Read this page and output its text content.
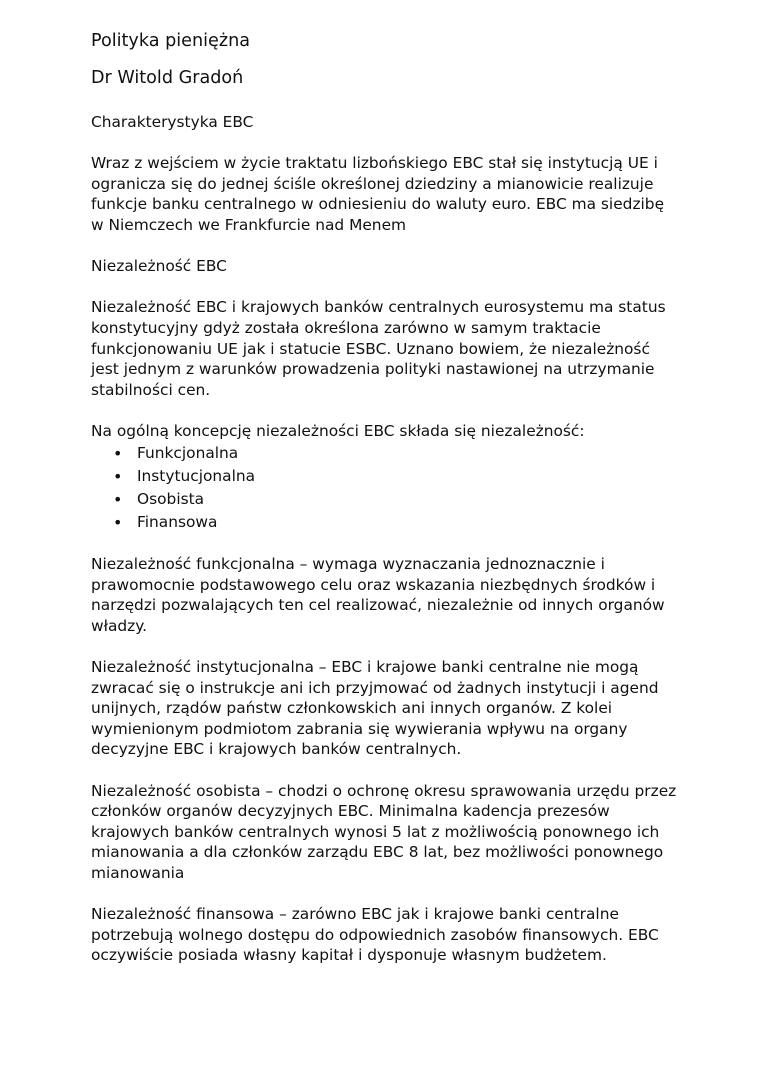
Polityka pieniężna
Dr Witold Gradoń

Charakterystyka EBC

Wraz z wejściem w życie traktatu lizbońskiego EBC stał się instytucją UE i ogranicza się do jednej ściśle określonej dziedziny a mianowicie realizuje funkcje banku centralnego w odniesieniu do waluty euro. EBC ma siedzibę w Niemczech we Frankfurcie nad Menem

Niezależność EBC

Niezależność EBC i krajowych banków centralnych eurosystemu ma status konstytucyjny gdyż została określona zarówno w samym traktacie funkcjonowaniu UE jak i statucie ESBC. Uznano bowiem, że niezależność jest jednym z warunków prowadzenia polityki nastawionej na utrzymanie stabilności cen.

Na ogólną koncepcję niezależności EBC składa się niezależność:

• Funkcjonalna
• Instytucjonalna
• Osobista
• Finansowa

Niezależność funkcjonalna – wymaga wyznaczania jednoznacznie i prawomocnie podstawowego celu oraz wskazania niezbędnych środków i narzędzi pozwalających ten cel realizować, niezależnie od innych organów władzy.

Niezależność instytucjonalna – EBC i krajowe banki centralne nie mogą zwracać się o instrukcje ani ich przyjmować od żadnych instytucji i agend unijnych, rządów państw członkowskich ani innych organów. Z kolei wymienionym podmiotom zabrania się wywierania wpływu na organy decyzyjne EBC i krajowych banków centralnych.

Niezależność osobista – chodzi o ochronę okresu sprawowania urzędu przez członków organów decyzyjnych EBC. Minimalna kadencja prezesów krajowych banków centralnych wynosi 5 lat z możliwością ponownego ich mianowania a dla członków zarządu EBC 8 lat, bez możliwości ponownego mianowania

Niezależność finansowa – zarówno EBC jak i krajowe banki centralne potrzebują wolnego dostępu do odpowiednich zasobów finansowych. EBC oczywiście posiada własny kapitał i dysponuje własnym budżetem.
